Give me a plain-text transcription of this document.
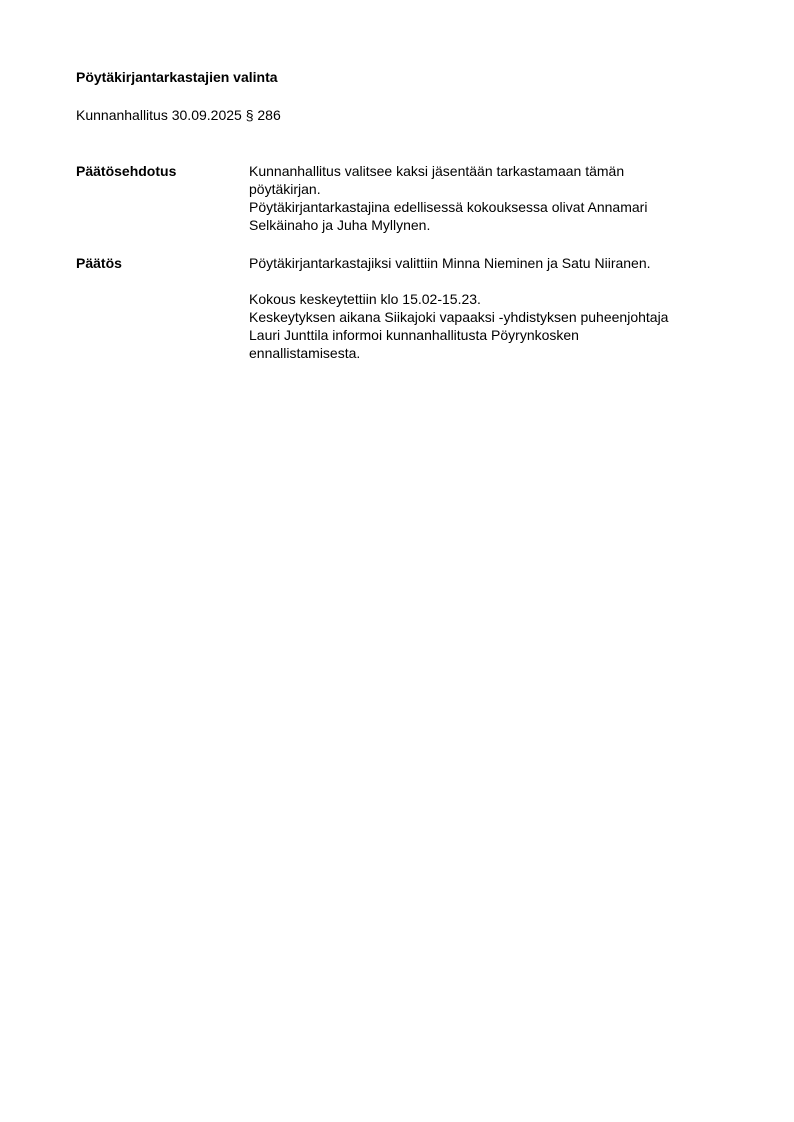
Pöytäkirjantarkastajien valinta
Kunnanhallitus 30.09.2025 § 286
Päätösehdotus	Kunnanhallitus valitsee kaksi jäsentään tarkastamaan tämän
pöytäkirjan.
Pöytäkirjantarkastajina edellisessä kokouksessa olivat Annamari
Selkäinaho ja Juha Myllynen.

Päätös	Pöytäkirjantarkastajiksi valittiin Minna Nieminen ja Satu Niiranen.

Kokous keskeytettiin klo 15.02-15.23.
Keskeytyksen aikana Siikajoki vapaaksi -yhdistyksen puheenjohtaja
Lauri Junttila informoi kunnanhallitusta Pöyrynkosken
ennallistamisesta.
